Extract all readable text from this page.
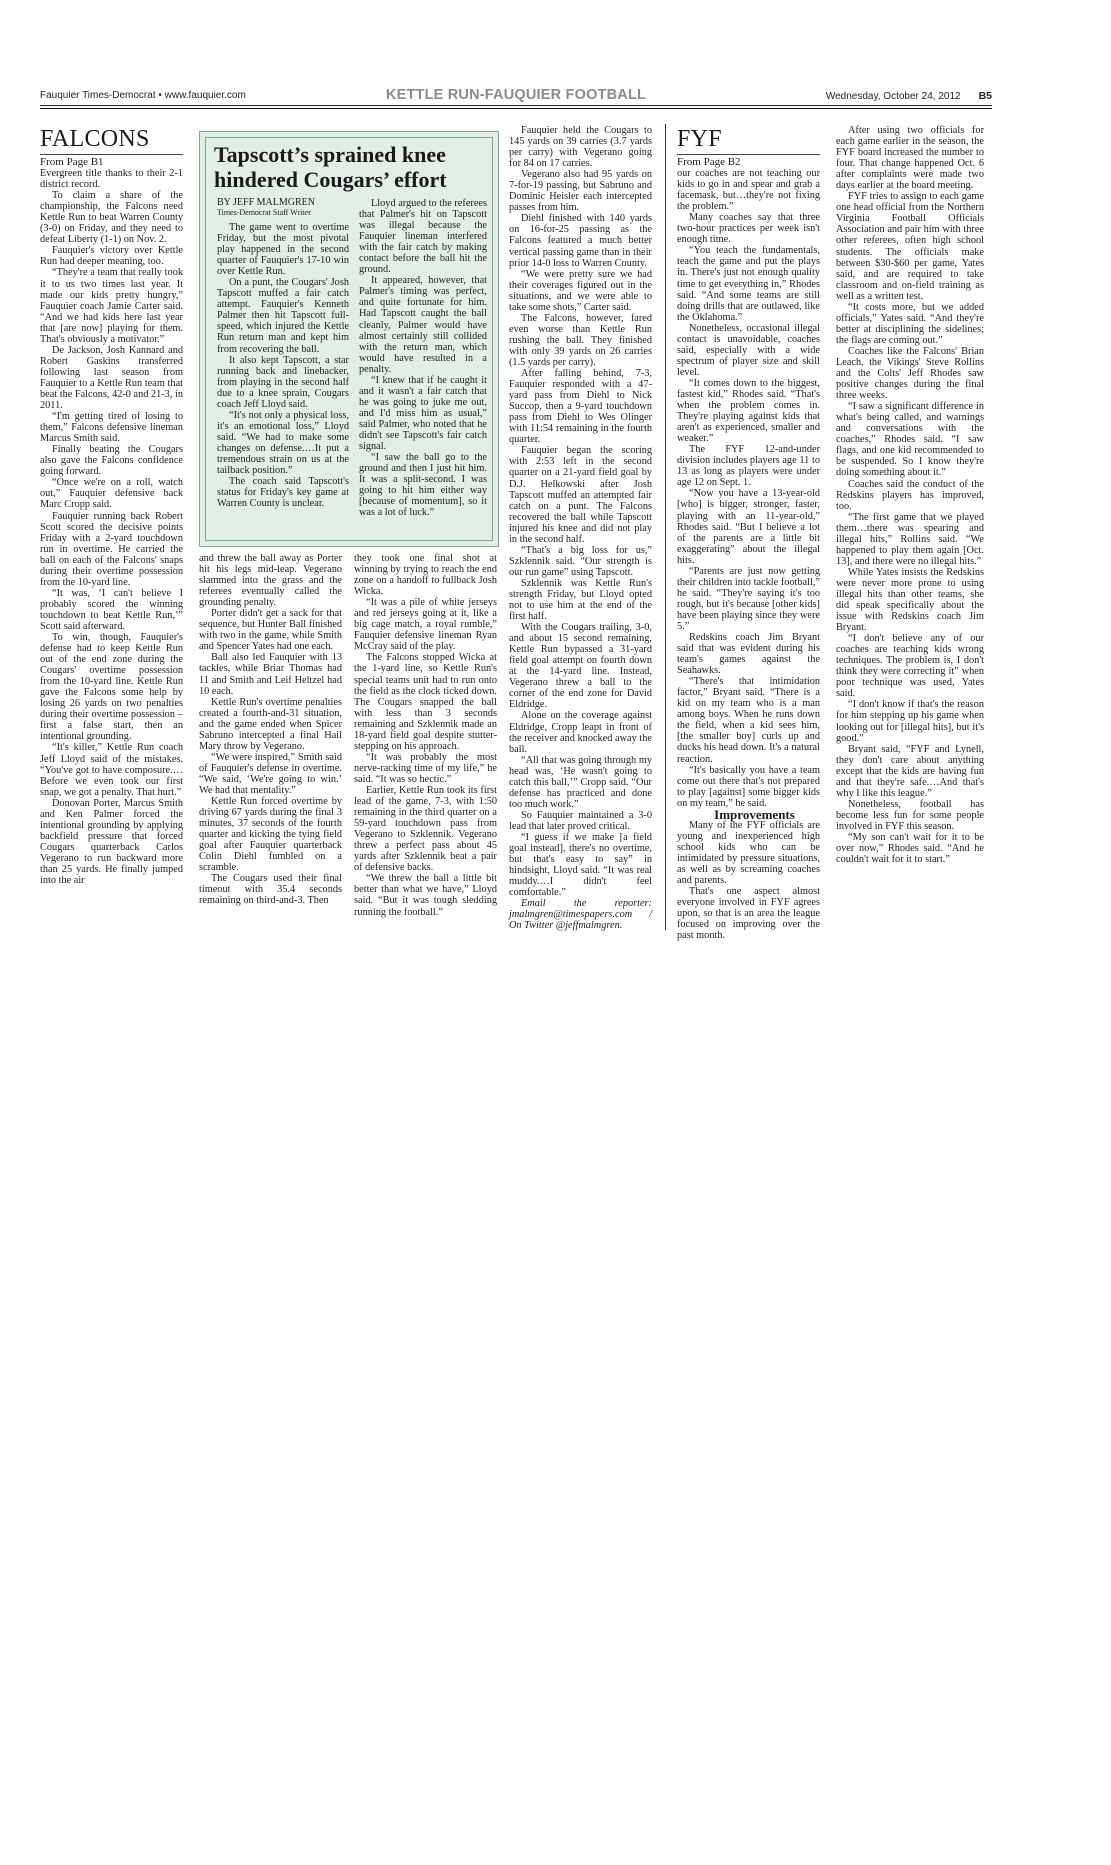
Fauquier Times-Democrat • www.fauquier.com	KETTLE RUN-FAUQUIER FOOTBALL	Wednesday, October 24, 2012 B5
FALCONS

From Page B1

Evergreen title thanks to their 2-1 district record.

To claim a share of the championship, the Falcons need Kettle Run to beat Warren County (3-0) on Friday, and they need to defeat Liberty (1-1) on Nov. 2.

Fauquier's victory over Kettle Run had deeper meaning, too.

“They're a team that really took it to us two times last year. It made our kids pretty hungry,” Fauquier coach Jamie Carter said. “And we had kids here last year that [are now] playing for them. That's obviously a motivator.”

De Jackson, Josh Kannard and Robert Gaskins transferred following last season from Fauquier to a Kettle Run team that beat the Falcons, 42-0 and 21-3, in 2011.

“I'm getting tired of losing to them,” Falcons defensive lineman Marcus Smith said.

Finally beating the Cougars also gave the Falcons confidence going forward.

“Once we're on a roll, watch out,” Fauquier defensive back Marc Cropp said.

Fauquier running back Robert Scott scored the decisive points Friday with a 2-yard touchdown run in overtime. He carried the ball on each of the Falcons' snaps during their overtime possession from the 10-yard line.

“It was, ‘I can't believe I probably scored the winning touchdown to beat Kettle Run,’” Scott said afterward.

To win, though, Fauquier's defense had to keep Kettle Run out of the end zone during the Cougars' overtime possession from the 10-yard line. Kettle Run gave the Falcons some help by losing 26 yards on two penalties during their overtime possession – first a false start, then an intentional grounding.

“It's killer,” Kettle Run coach Jeff Lloyd said of the mistakes. “You've got to have composure.…Before we even took our first snap, we got a penalty. That hurt.”

Donovan Porter, Marcus Smith and Ken Palmer forced the intentional grounding by applying backfield pressure that forced Cougars quarterback Carlos Vegerano to run backward more than 25 yards. He finally jumped into the air

Tapscott’s sprained knee hindered Cougars’ effort
BY JEFF MALMGREN
Times-Democrat Staff Writer

The game went to overtime Friday, but the most pivotal play happened in the second quarter of Fauquier's 17-10 win over Kettle Run.

On a punt, the Cougars' Josh Tapscott muffed a fair catch attempt. Fauquier's Kenneth Palmer then hit Tapscott full-speed, which injured the Kettle Run return man and kept him from recovering the ball.

It also kept Tapscott, a star running back and linebacker, from playing in the second half due to a knee sprain, Cougars coach Jeff Lloyd said.

“It's not only a physical loss, it's an emotional loss,” Lloyd said. “We had to make some changes on defense.…It put a tremendous strain on us at the tailback position.”

The coach said Tapscott's status for Friday's key game at Warren County is unclear.

Lloyd argued to the referees that Palmer's hit on Tapscott was illegal because the Fauquier lineman interfered with the fair catch by making contact before the ball hit the ground.

It appeared, however, that Palmer's timing was perfect, and quite fortunate for him. Had Tapscott caught the ball cleanly, Palmer would have almost certainly still collided with the return man, which would have resulted in a penalty.

“I knew that if he caught it and it wasn't a fair catch that he was going to juke me out, and I'd miss him as usual,” said Palmer, who noted that he didn't see Tapscott's fair catch signal.

“I saw the ball go to the ground and then I just hit him. It was a split-second. I was going to hit him either way [because of momentum], so it was a lot of luck.”

and threw the ball away as Porter hit his legs mid-leap. Vegerano slammed into the grass and the referees eventually called the grounding penalty.

Porter didn't get a sack for that sequence, but Hunter Ball finished with two in the game, while Smith and Spencer Yates had one each.

Ball also led Fauquier with 13 tackles, while Briar Thomas had 11 and Smith and Leif Heltzel had 10 each.

Kettle Run's overtime penalties created a fourth-and-31 situation, and the game ended when Spicer Sabruno intercepted a final Hail Mary throw by Vegerano.

“We were inspired,” Smith said of Fauquier's defense in overtime. “We said, ‘We're going to win.’ We had that mentality.”

Kettle Run forced overtime by driving 67 yards during the final 3 minutes, 37 seconds of the fourth quarter and kicking the tying field goal after Fauquier quarterback Colin Diehl fumbled on a scramble.

The Cougars used their final timeout with 35.4 seconds remaining on third-and-3. Then

they took one final shot at winning by trying to reach the end zone on a handoff to fullback Josh Wicka.

“It was a pile of white jerseys and red jerseys going at it, like a big cage match, a royal rumble,” Fauquier defensive lineman Ryan McCray said of the play.

The Falcons stopped Wicka at the 1-yard line, so Kettle Run's special teams unit had to run onto the field as the clock ticked down. The Cougars snapped the ball with less than 3 seconds remaining and Szklennik made an 18-yard field goal despite stutter-stepping on his approach.

“It was probably the most nerve-racking time of my life,” he said. “It was so hectic.”

Earlier, Kettle Run took its first lead of the game, 7-3, with 1:50 remaining in the third quarter on a 59-yard touchdown pass from Vegerano to Szklennik. Vegerano threw a perfect pass about 45 yards after Szklennik beat a pair of defensive backs.

“We threw the ball a little bit better than what we have,” Lloyd said. “But it was tough sledding running the football.”

Fauquier held the Cougars to 145 yards on 39 carries (3.7 yards per carry) with Vegerano going for 84 on 17 carries.

Vegerano also had 95 yards on 7-for-19 passing, but Sabruno and Dominic Heisler each intercepted passes from him.

Diehl finished with 140 yards on 16-for-25 passing as the Falcons featured a much better vertical passing game than in their prior 14-0 loss to Warren County.

“We were pretty sure we had their coverages figured out in the situations, and we were able to take some shots,” Carter said.

The Falcons, however, fared even worse than Kettle Run rushing the ball. They finished with only 39 yards on 26 carries (1.5 yards per carry).

After falling behind, 7-3, Fauquier responded with a 47-yard pass from Diehl to Nick Succop, then a 9-yard touchdown pass from Diehl to Wes Olinger with 11:54 remaining in the fourth quarter.

Fauquier began the scoring with 2:53 left in the second quarter on a 21-yard field goal by D.J. Helkowski after Josh Tapscott muffed an attempted fair catch on a punt. The Falcons recovered the ball while Tapscott injured his knee and did not play in the second half.

“That's a big loss for us,” Szklennik said. “Our strength is our run game” using Tapscott.

Szklennik was Kettle Run's strength Friday, but Lloyd opted not to use him at the end of the first half.

With the Cougars trailing, 3-0, and about 15 second remaining, Kettle Run bypassed a 31-yard field goal attempt on fourth down at the 14-yard line. Instead, Vegerano threw a ball to the corner of the end zone for David Eldridge.

Alone on the coverage against Eldridge, Cropp leapt in front of the receiver and knocked away the ball.

“All that was going through my head was, ‘He wasn't going to catch this ball,’” Cropp said. “Our defense has practiced and done too much work.”

So Fauquier maintained a 3-0 lead that later proved critical.

“I guess if we make [a field goal instead], there's no overtime, but that's easy to say” in hindsight, Lloyd said. “It was real muddy.…I didn't feel comfortable.”

Email the reporter: jmalmgren@timespapers.com / On Twitter @jeffmalmgren.

FYF

From Page B2

our coaches are not teaching our kids to go in and spear and grab a facemask, but…they're not fixing the problem.”

Many coaches say that three two-hour practices per week isn't enough time.

“You teach the fundamentals, teach the game and put the plays in. There's just not enough quality time to get everything in,” Rhodes said. “And some teams are still doing drills that are outlawed, like the Oklahoma.”

Nonetheless, occasional illegal contact is unavoidable, coaches said, especially with a wide spectrum of player size and skill level.

“It comes down to the biggest, fastest kid,” Rhodes said. “That's when the problem comes in. They're playing against kids that aren't as experienced, smaller and weaker.”

The FYF 12-and-under division includes players age 11 to 13 as long as players were under age 12 on Sept. 1.

“Now you have a 13-year-old [who] is bigger, stronger, faster, playing with an 11-year-old,” Rhodes said. “But I believe a lot of the parents are a little bit exaggerating” about the illegal hits.

“Parents are just now getting their children into tackle football,” he said. “They're saying it's too rough, but it's because [other kids] have been playing since they were 5.”

Redskins coach Jim Bryant said that was evident during his team's games against the Seahawks.

“There's that intimidation factor,” Bryant said. “There is a kid on my team who is a man among boys. When he runs down the field, when a kid sees him, [the smaller boy] curls up and ducks his head down. It's a natural reaction.

“It's basically you have a team come out there that's not prepared to play [against] some bigger kids on my team,” he said.

Improvements

Many of the FYF officials are young and inexperienced high school kids who can be intimidated by pressure situations, as well as by screaming coaches and parents.

That's one aspect almost everyone involved in FYF agrees upon, so that is an area the league focused on improving over the past month.

After using two officials for each game earlier in the season, the FYF board increased the number to four. That change happened Oct. 6 after complaints were made two days earlier at the board meeting.

FYF tries to assign to each game one head official from the Northern Virginia Football Officials Association and pair him with three other referees, often high school students. The officials make between $30-$60 per game, Yates said, and are required to take classroom and on-field training as well as a written test.

“It costs more, but we added officials,” Yates said. “And they're better at disciplining the sidelines; the flags are coming out.”

Coaches like the Falcons' Brian Leach, the Vikings' Steve Rollins and the Colts' Jeff Rhodes saw positive changes during the final three weeks.

“I saw a significant difference in what's being called, and warnings and conversations with the coaches,” Rhodes said. “I saw flags, and one kid recommended to be suspended. So I know they're doing something about it.”

Coaches said the conduct of the Redskins players has improved, too.

“The first game that we played them…there was spearing and illegal hits,” Rollins said. “We happened to play them again [Oct. 13], and there were no illegal hits.”

While Yates insists the Redskins were never more prone to using illegal hits than other teams, she did speak specifically about the issue with Redskins coach Jim Bryant.

“I don't believe any of our coaches are teaching kids wrong techniques. The problem is, I don't think they were correcting it” when poor technique was used, Yates said.

“I don't know if that's the reason for him stepping up his game when looking out for [illegal hits], but it's good.”

Bryant said, “FYF and Lynell, they don't care about anything except that the kids are having fun and that they're safe.…And that's why I like this league.”

Nonetheless, football has become less fun for some people involved in FYF this season.

“My son can't wait for it to be over now,” Rhodes said. “And he couldn't wait for it to start.”
